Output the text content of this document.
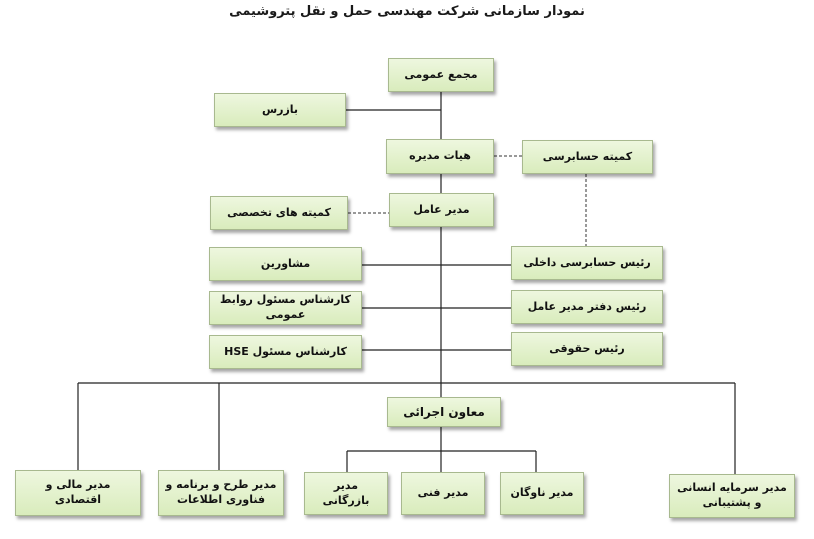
نمودار سازمانی شرکت مهندسی حمل و نقل پتروشیمی
مجمع عمومی
بازرس
هیات مدیره	کمیته حسابرسی
مدیر عامل
کمیته های تخصصی
مشاورین	رئیس حسابرسی داخلی
کارشناس مسئول روابط عمومی
رئیس دفتر مدیر عامل
کارشناس مسئول HSE	رئیس حقوقی
معاون اجرائی
مدیر مالی و اقتصادی
مدیر طرح و برنامه و فناوری اطلاعات
مدیر بازرگانی
مدیر فنی	مدیر ناوگان	مدیر سرمایه انسانی و پشتیبانی
